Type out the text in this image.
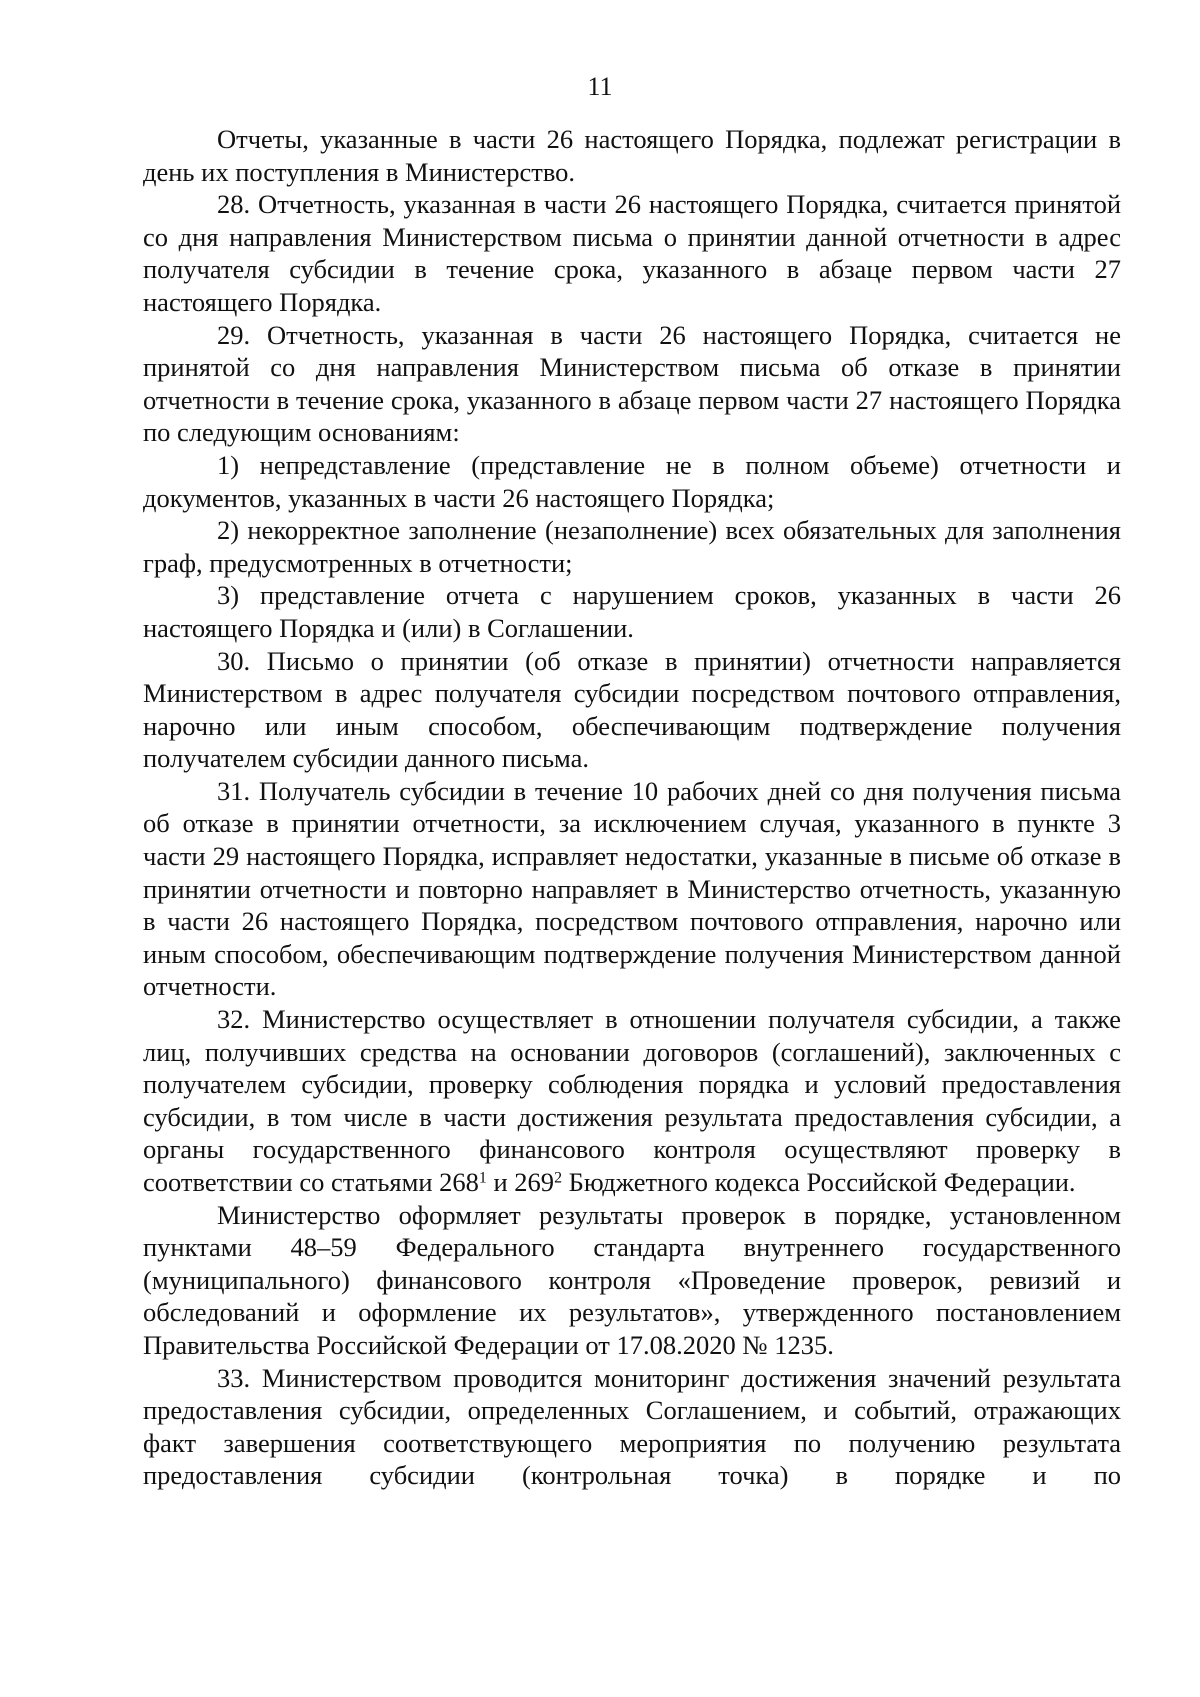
11

Отчеты, указанные в части 26 настоящего Порядка, подлежат регистрации в день их поступления в Министерство.

28. Отчетность, указанная в части 26 настоящего Порядка, считается принятой со дня направления Министерством письма о принятии данной отчетности в адрес получателя субсидии в течение срока, указанного в абзаце первом части 27 настоящего Порядка.

29. Отчетность, указанная в части 26 настоящего Порядка, считается не принятой со дня направления Министерством письма об отказе в принятии отчетности в течение срока, указанного в абзаце первом части 27 настоящего Порядка по следующим основаниям:

1) непредставление (представление не в полном объеме) отчетности и документов, указанных в части 26 настоящего Порядка;

2) некорректное заполнение (незаполнение) всех обязательных для заполнения граф, предусмотренных в отчетности;

3) представление отчета с нарушением сроков, указанных в части 26 настоящего Порядка и (или) в Соглашении.

30. Письмо о принятии (об отказе в принятии) отчетности направляется Министерством в адрес получателя субсидии посредством почтового отправления, нарочно или иным способом, обеспечивающим подтверждение получения получателем субсидии данного письма.

31. Получатель субсидии в течение 10 рабочих дней со дня получения письма об отказе в принятии отчетности, за исключением случая, указанного в пункте 3 части 29 настоящего Порядка, исправляет недостатки, указанные в письме об отказе в принятии отчетности и повторно направляет в Министерство отчетность, указанную в части 26 настоящего Порядка, посредством почтового отправления, нарочно или иным способом, обеспечивающим подтверждение получения Министерством данной отчетности.

32. Министерство осуществляет в отношении получателя субсидии, а также лиц, получивших средства на основании договоров (соглашений), заключенных с получателем субсидии, проверку соблюдения порядка и условий предоставления субсидии, в том числе в части достижения результата предоставления субсидии, а органы государственного финансового контроля осуществляют проверку в соответствии со статьями $268^1$ и $269^2$ Бюджетного кодекса Российской Федерации.

Министерство оформляет результаты проверок в порядке, установленном пунктами 48–59 Федерального стандарта внутреннего государственного (муниципального) финансового контроля «Проведение проверок, ревизий и обследований и оформление их результатов», утвержденного постановлением Правительства Российской Федерации от 17.08.2020 № 1235.

33. Министерством проводится мониторинг достижения значений результата предоставления субсидии, определенных Соглашением, и событий, отражающих факт завершения соответствующего мероприятия по получению результата предоставления субсидии (контрольная точка) в порядке и по
